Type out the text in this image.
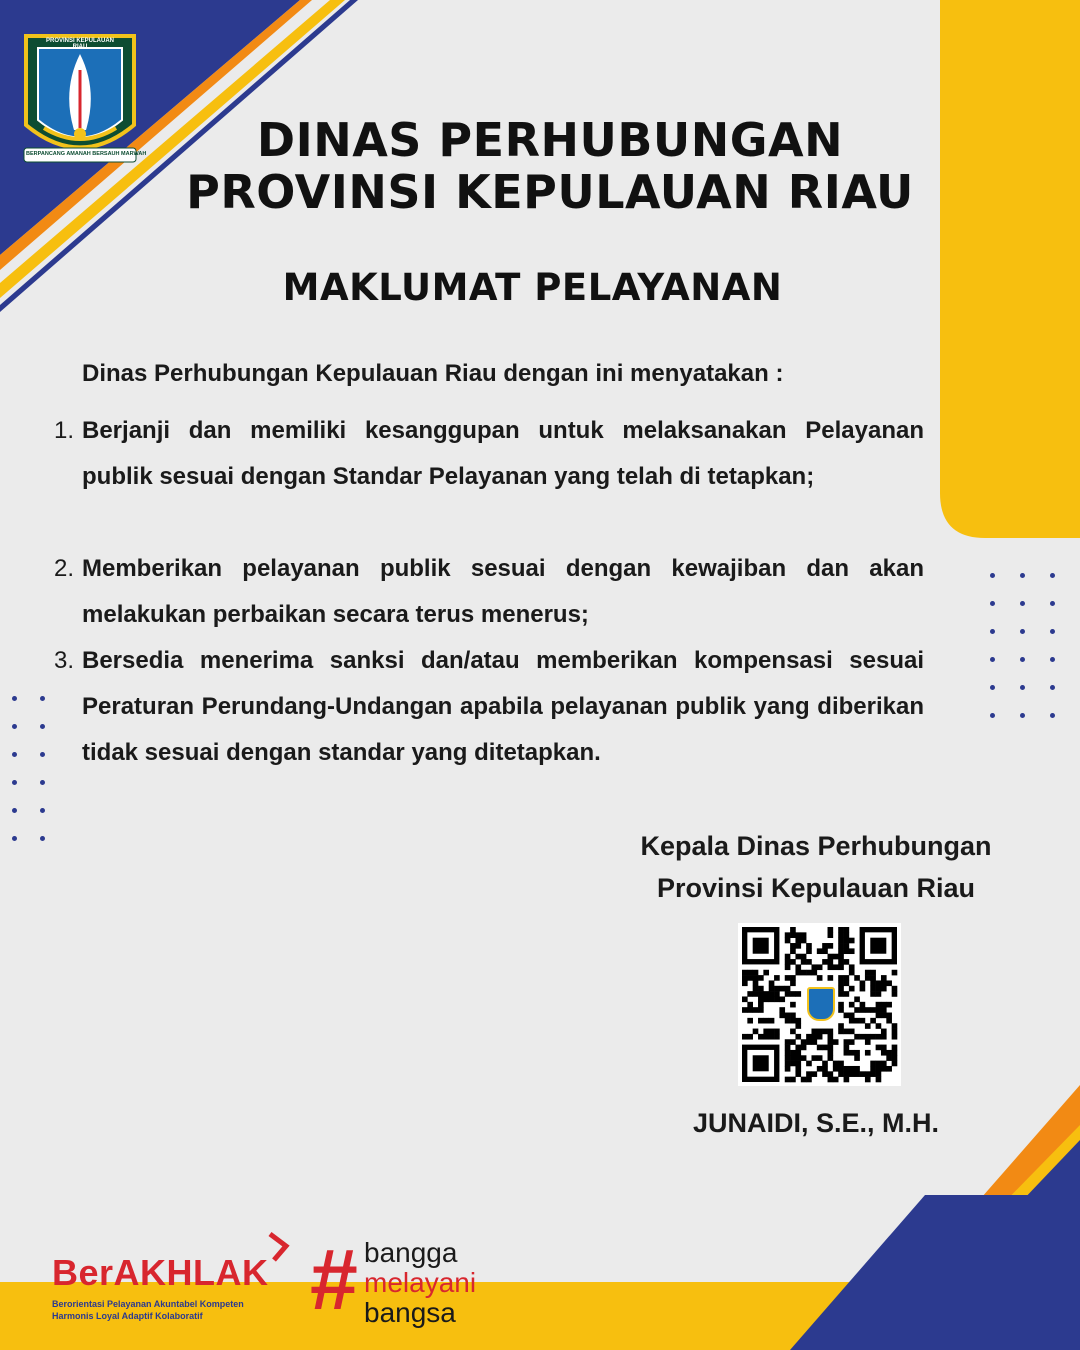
PROVINSI KEPULAUAN RIAU
BERPANCANG AMANAH BERSAUH MARWAH	DINAS PERHUBUNGAN
PROVINSI KEPULAUAN RIAU
MAKLUMAT PELAYANAN
Dinas Perhubungan Kepulauan Riau dengan ini menyatakan :
1. Berjanji dan memiliki kesanggupan untuk melaksanakan Pelayanan publik sesuai dengan Standar Pelayanan yang telah di tetapkan;
2. Memberikan pelayanan publik sesuai dengan kewajiban dan akan melakukan perbaikan secara terus menerus;
3. Bersedia menerima sanksi dan/atau memberikan kompensasi sesuai Peraturan Perundang-Undangan apabila pelayanan publik yang diberikan tidak sesuai dengan standar yang ditetapkan.
Kepala Dinas Perhubungan
Provinsi Kepulauan Riau
JUNAIDI, S.E., M.H.
BerAKHLAK
Berorientasi Pelayanan Akuntabel Kompeten
Harmonis Loyal Adaptif Kolaboratif # bangga
melayani
bangsa
